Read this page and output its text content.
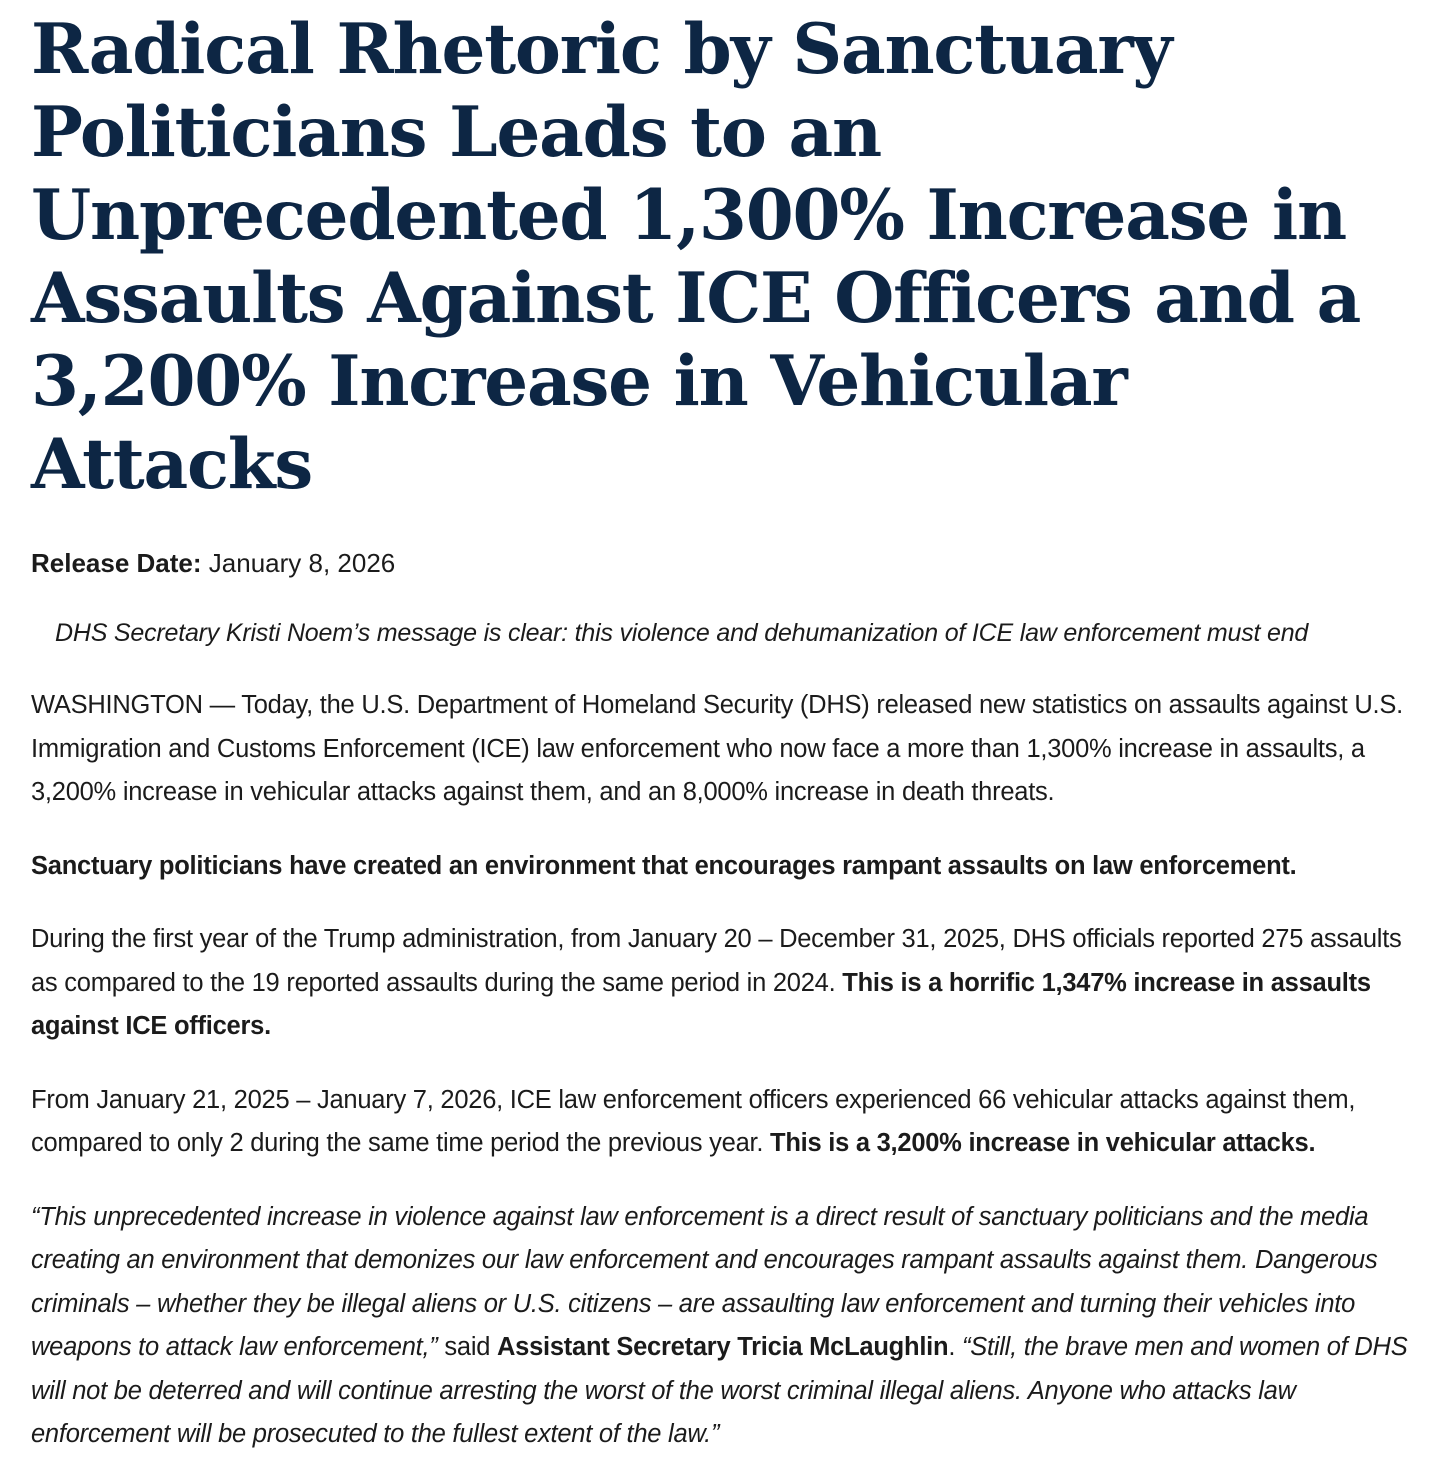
Radical Rhetoric by Sanctuary Politicians Leads to an Unprecedented 1,300% Increase in Assaults Against ICE Officers and a 3,200% Increase in Vehicular Attacks

Release Date: January 8, 2026

DHS Secretary Kristi Noem’s message is clear: this violence and dehumanization of ICE law enforcement must end

WASHINGTON — Today, the U.S. Department of Homeland Security (DHS) released new statistics on assaults against U.S. Immigration and Customs Enforcement (ICE) law enforcement who now face a more than 1,300% increase in assaults, a 3,200% increase in vehicular attacks against them, and an 8,000% increase in death threats.

Sanctuary politicians have created an environment that encourages rampant assaults on law enforcement.

During the first year of the Trump administration, from January 20 – December 31, 2025, DHS officials reported 275 assaults as compared to the 19 reported assaults during the same period in 2024. This is a horrific 1,347% increase in assaults against ICE officers.

From January 21, 2025 – January 7, 2026, ICE law enforcement officers experienced 66 vehicular attacks against them, compared to only 2 during the same time period the previous year. This is a 3,200% increase in vehicular attacks.

“This unprecedented increase in violence against law enforcement is a direct result of sanctuary politicians and the media creating an environment that demonizes our law enforcement and encourages rampant assaults against them. Dangerous criminals – whether they be illegal aliens or U.S. citizens – are assaulting law enforcement and turning their vehicles into weapons to attack law enforcement,” said Assistant Secretary Tricia McLaughlin. “Still, the brave men and women of DHS will not be deterred and will continue arresting the worst of the worst criminal illegal aliens. Anyone who attacks law enforcement will be prosecuted to the fullest extent of the law.”
